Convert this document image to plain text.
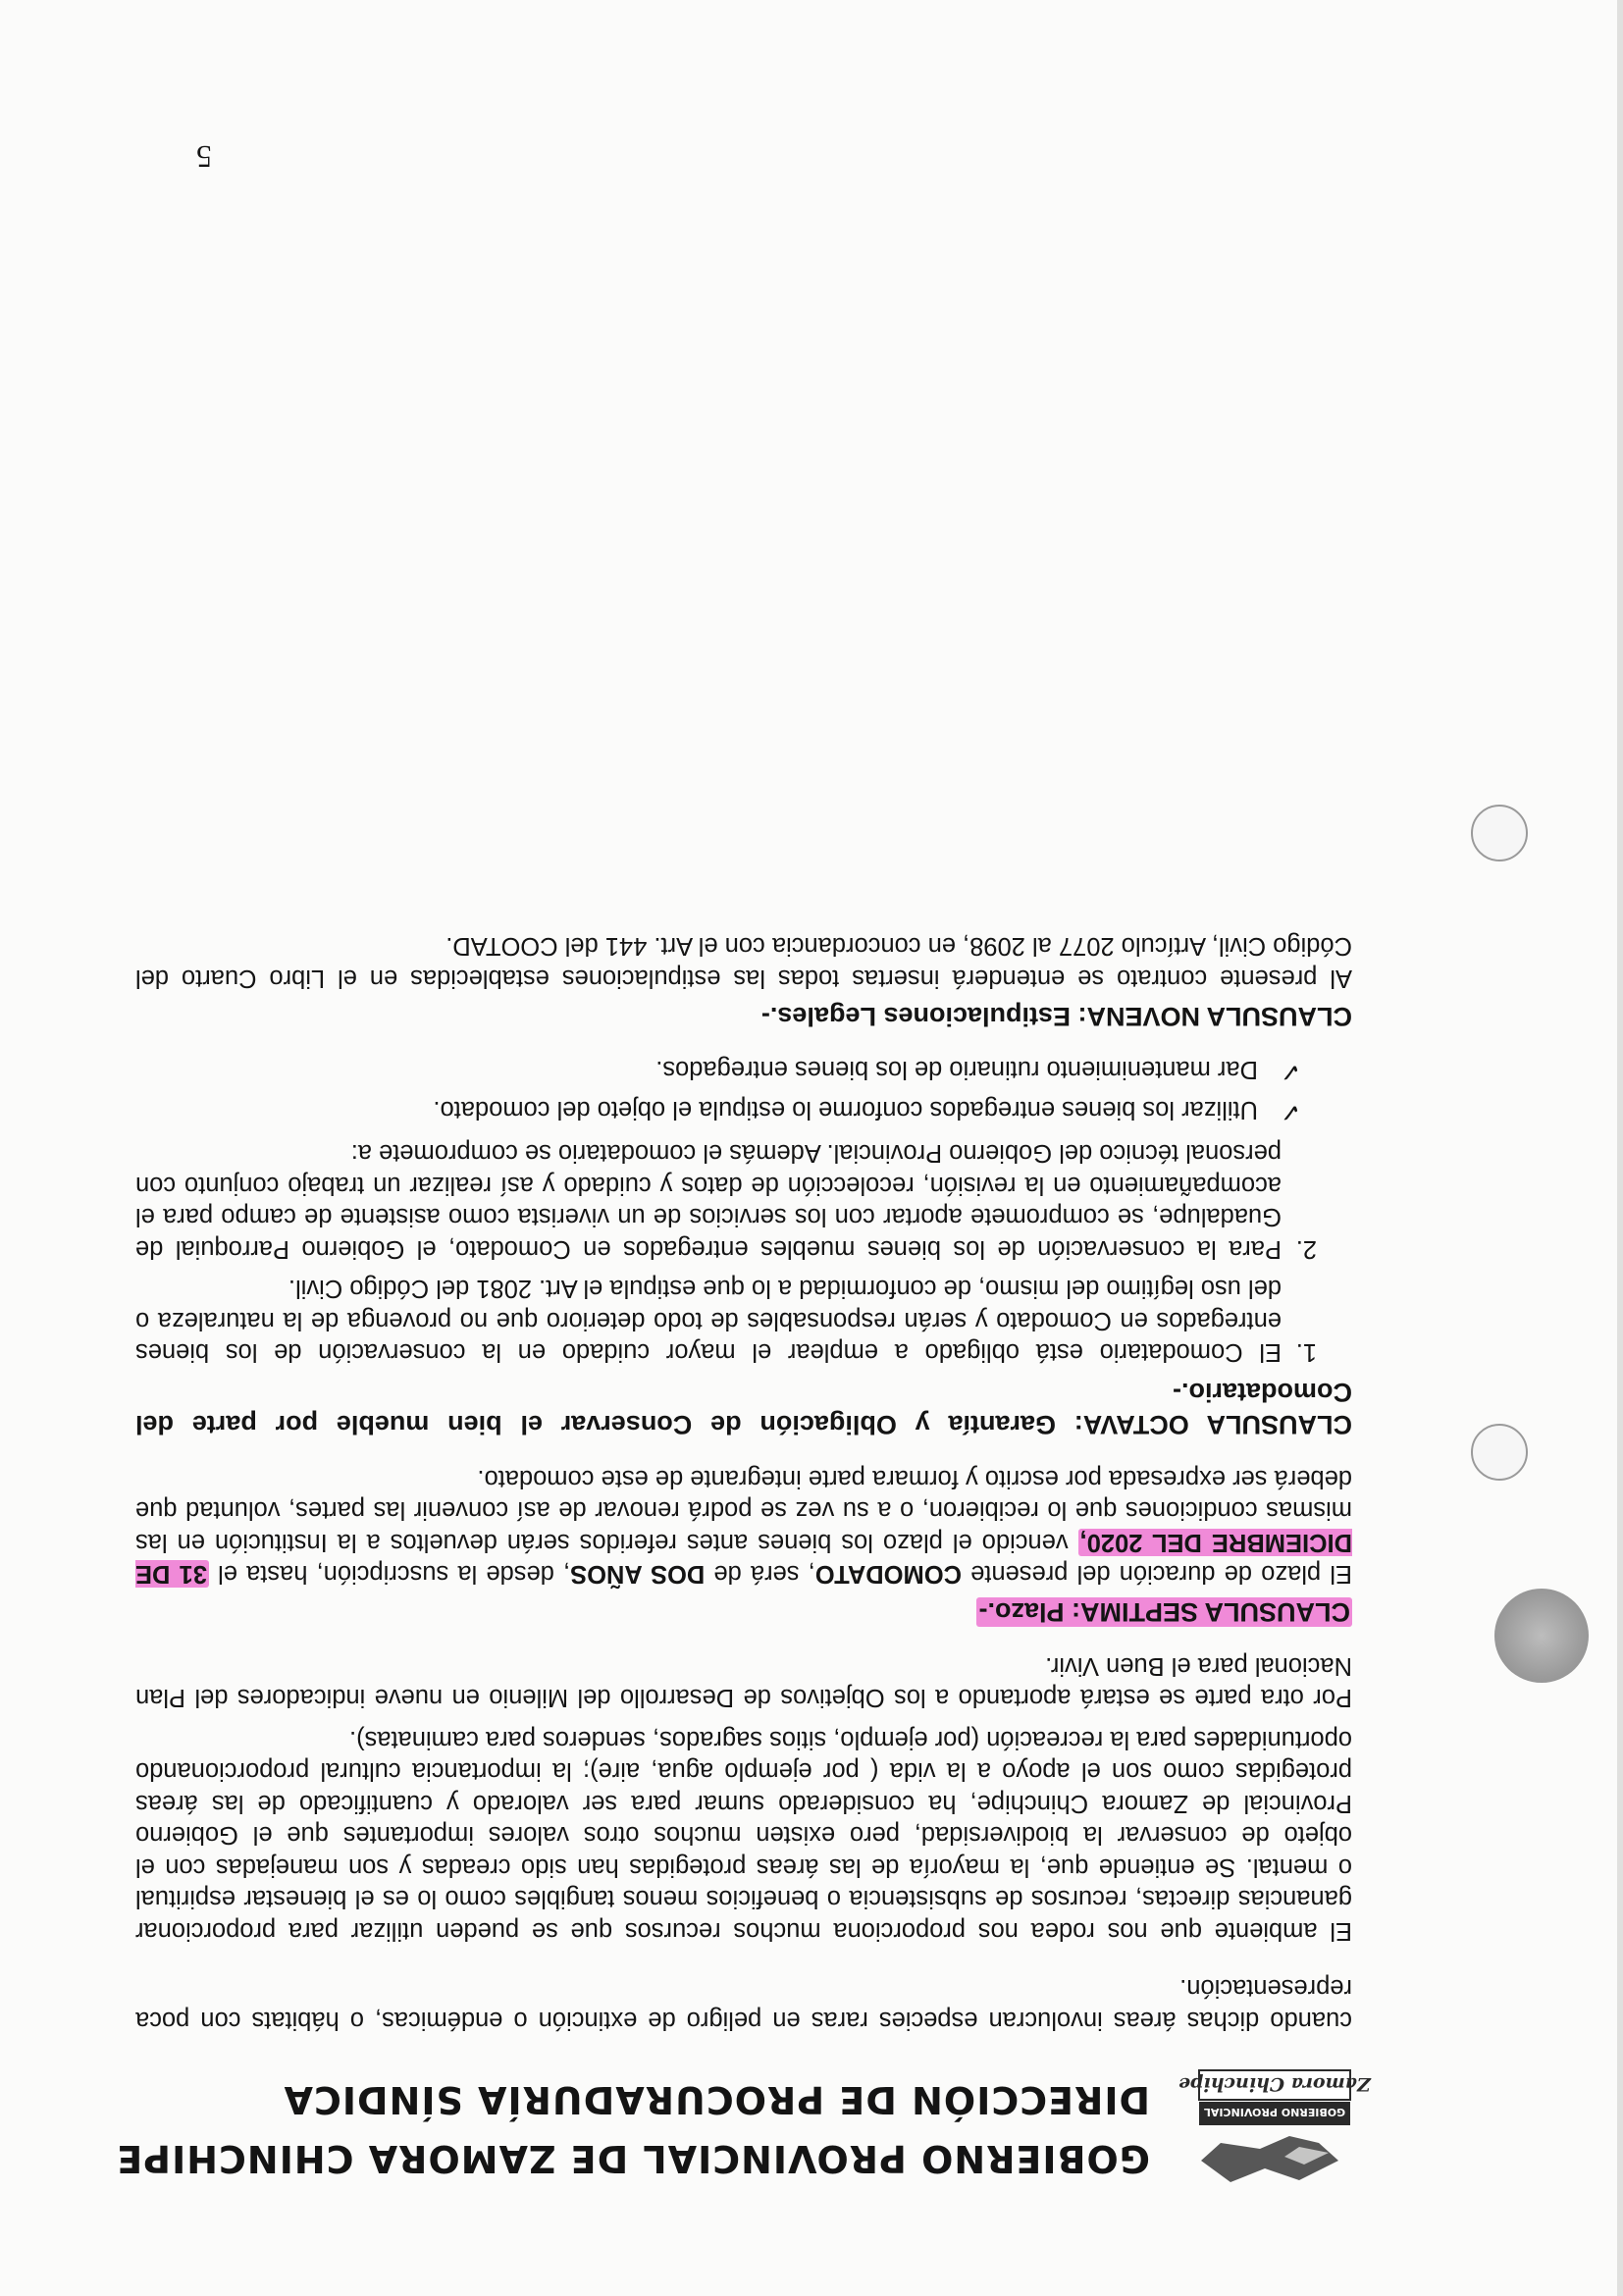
GOBIERNO PROVINCIAL
Zamora Chinchipe
GOBIERNO PROVINCIAL DE ZAMORA CHINCHIPE
DIRECCIÓN DE PROCURADURÍA SÍNDICA

cuando dichas áreas involucran especies raras en peligro de extinción o endémicas, o hábitats con poca representación.

El ambiente que nos rodea nos proporciona muchos recursos que se pueden utilizar para proporcionar ganancias directas, recursos de subsistencia o beneficios menos tangibles como lo es el bienestar espiritual o mental. Se entiende que, la mayoría de las áreas protegidas han sido creadas y son manejadas con el objeto de conservar la biodiversidad, pero existen muchos otros valores importantes que el Gobierno Provincial de Zamora Chinchipe, ha considerado sumar para ser valorado y cuantificado de las áreas protegidas como son el apoyo a la vida ( por ejemplo agua, aire); la importancia cultural proporcionando oportunidades para la recreación (por ejemplo, sitios sagrados, senderos para caminatas).

Por otra parte se estará aportando a los Objetivos de Desarrollo del Milenio en nueve indicadores del Plan Nacional para el Buen Vivir.

CLAUSULA SEPTIMA: Plazo.-

El plazo de duración del presente COMODATO, será de DOS AÑOS, desde la suscripción, hasta el 31 DE DICIEMBRE DEL 2020, vencido el plazo los bienes antes referidos serán devueltos a la Institución en las mismas condiciones que lo recibieron, o a su vez se podrá renovar de así convenir las partes, voluntad que deberá ser expresada por escrito y formara parte integrante de este comodato.

CLAUSULA OCTAVA: Garantía y Obligación de Conservar el bien mueble por parte del Comodatario.-

1.
El Comodatario está obligado a emplear el mayor cuidado en la conservación de los bienes entregados en Comodato y serán responsables de todo deterioro que no provenga de la naturaleza o del uso legítimo del mismo, de conformidad a lo que estipula el Art. 2081 del Código Civil.
2.
Para la conservación de los bienes muebles entregados en Comodato, el Gobierno Parroquial de Guadalupe, se compromete aportar con los servicios de un viverista como asistente de campo para el acompañamiento en la revisión, recolección de datos y cuidado y así realizar un trabajo conjunto con personal técnico del Gobierno Provincial. Además el comodatario se compromete a:
✓
Utilizar los bienes entregados conforme lo estipula el objeto del comodato.
✓
Dar mantenimiento rutinario de los bienes entregados.

CLAUSULA NOVENA: Estipulaciones Legales.-

Al presente contrato se entenderá insertas todas las estipulaciones establecidas en el Libro Cuarto del Código Civil, Artículo 2077 al 2098, en concordancia con el Art. 441 del COOTAD.

5
